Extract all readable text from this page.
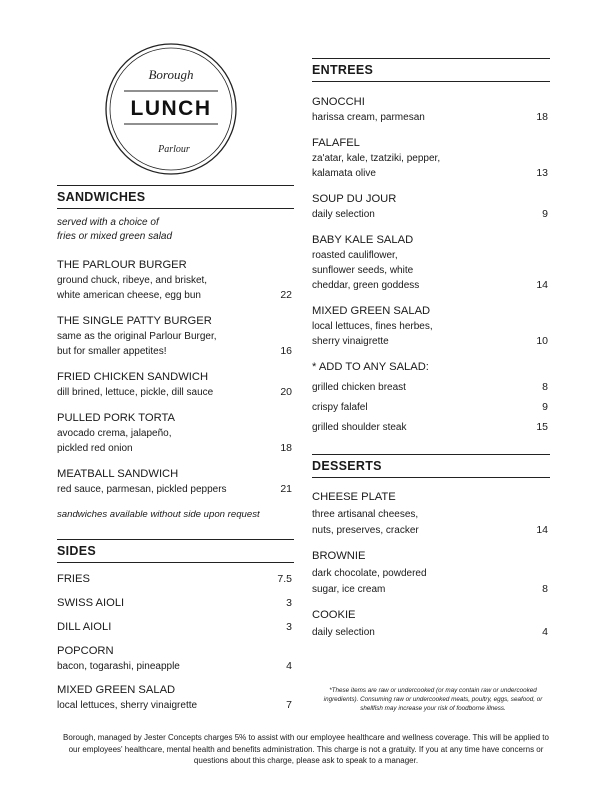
Borough
LUNCH
Parlour
SANDWICHES
served with a choice of
fries or mixed green salad
THE PARLOUR BURGER
ground chuck, ribeye, and brisket,
white american cheese, egg bun	22
THE SINGLE PATTY BURGER
same as the original Parlour Burger,
but for smaller appetites!	16
FRIED CHICKEN SANDWICH
dill brined, lettuce, pickle, dill sauce	20
PULLED PORK TORTA
avocado crema, jalapeño,
pickled red onion	18
MEATBALL SANDWICH
red sauce, parmesan, pickled peppers	21
sandwiches available without side upon request
SIDES
FRIES	7.5
SWISS AIOLI	3
DILL AIOLI	3
POPCORN
bacon, togarashi, pineapple	4
MIXED GREEN SALAD
local lettuces, sherry vinaigrette	7
ENTREES
GNOCCHI
harissa cream, parmesan	18
FALAFEL
za'atar, kale, tzatziki, pepper,
kalamata olive	13
SOUP DU JOUR
daily selection	9
BABY KALE SALAD
roasted cauliflower,
sunflower seeds, white
cheddar, green goddess	14
MIXED GREEN SALAD
local lettuces, fines herbes,
sherry vinaigrette	10
* ADD TO ANY SALAD:
grilled chicken breast	8
crispy falafel	9
grilled shoulder steak	15
DESSERTS
CHEESE PLATE
three artisanal cheeses,
nuts, preserves, cracker	14
BROWNIE
dark chocolate, powdered
sugar, ice cream	8
COOKIE
daily selection	4
*These items are raw or undercooked (or may contain raw or undercooked ingredients). Consuming raw or undercooked meats, poultry, eggs, seafood, or shellfish may increase your risk of foodborne illness.
Borough, managed by Jester Concepts charges 5% to assist with our employee healthcare and wellness coverage. This will be applied to our employees' healthcare, mental health and benefits administration. This charge is not a gratuity. If you at any time have concerns or questions about this charge, please ask to speak to a manager.
